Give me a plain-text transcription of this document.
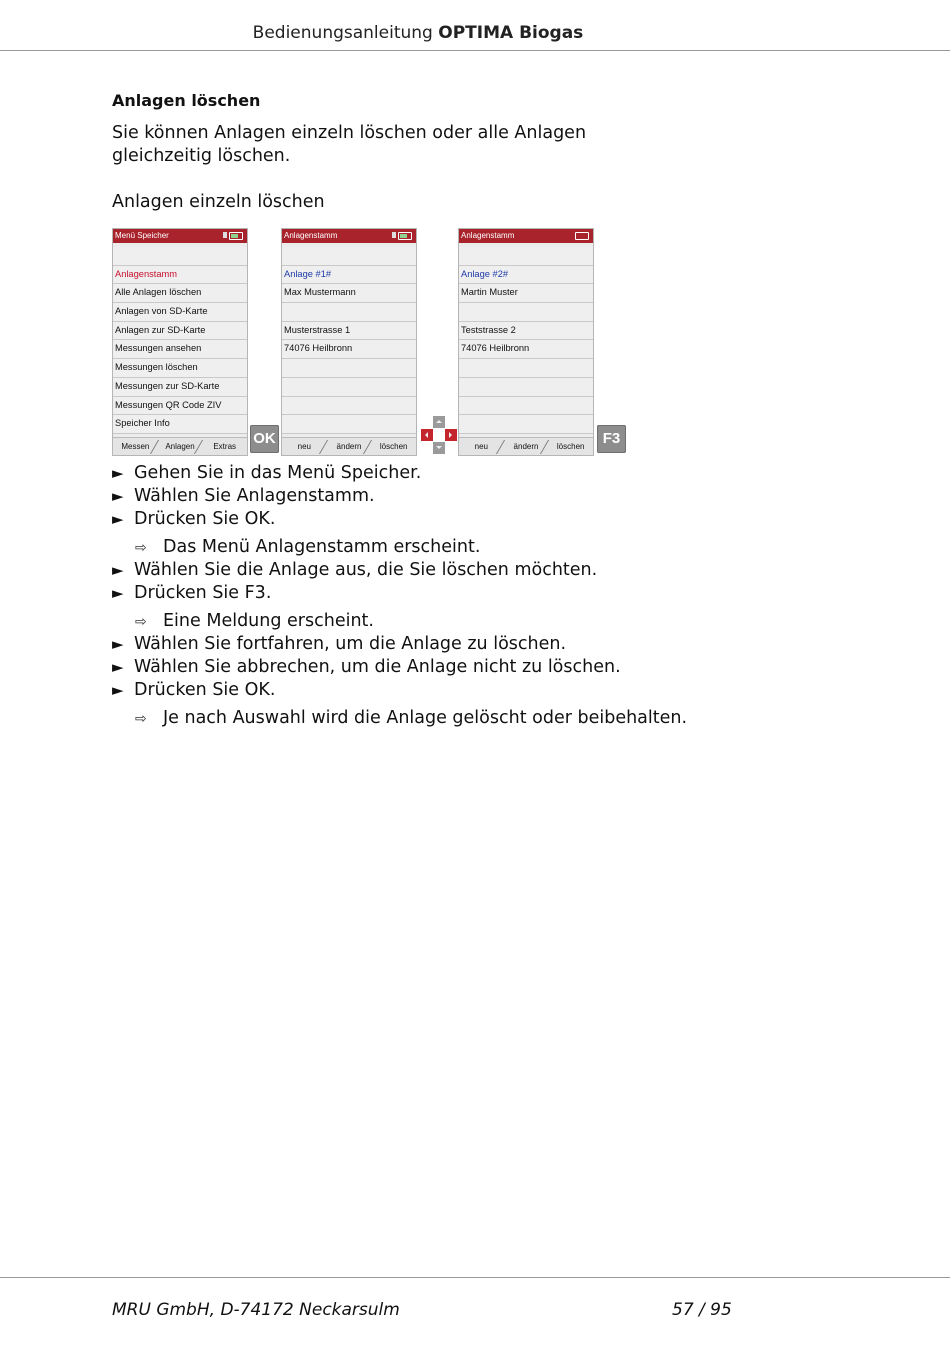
Bedienungsanleitung OPTIMA Biogas
Anlagen löschen
Sie können Anlagen einzeln löschen oder alle Anlagen gleichzeitig löschen.
Anlagen einzeln löschen
Menü Speicher
Anlagenstamm
Alle Anlagen löschen
Anlagen von SD-Karte
Anlagen zur SD-Karte
Messungen ansehen
Messungen löschen
Messungen zur SD-Karte
Messungen QR Code ZIV
Speicher Info
Messen	Anlagen	Extras	OK
Anlagenstamm
Anlage #1#
Max Mustermann
Musterstrasse 1
74076 Heilbronn
neu	ändern	löschen
Anlagenstamm
Anlage #2#
Martin Muster
Teststrasse 2
74076 Heilbronn
neu	ändern	löschen	F3
► Gehen Sie in das Menü Speicher.
► Wählen Sie Anlagenstamm.
► Drücken Sie OK.
⇨ Das Menü Anlagenstamm erscheint.
► Wählen Sie die Anlage aus, die Sie löschen möchten.
► Drücken Sie F3.
⇨ Eine Meldung erscheint.
► Wählen Sie fortfahren, um die Anlage zu löschen.
► Wählen Sie abbrechen, um die Anlage nicht zu löschen.
► Drücken Sie OK.
⇨ Je nach Auswahl wird die Anlage gelöscht oder beibehalten.
MRU GmbH, D-74172 Neckarsulm	57 / 95
